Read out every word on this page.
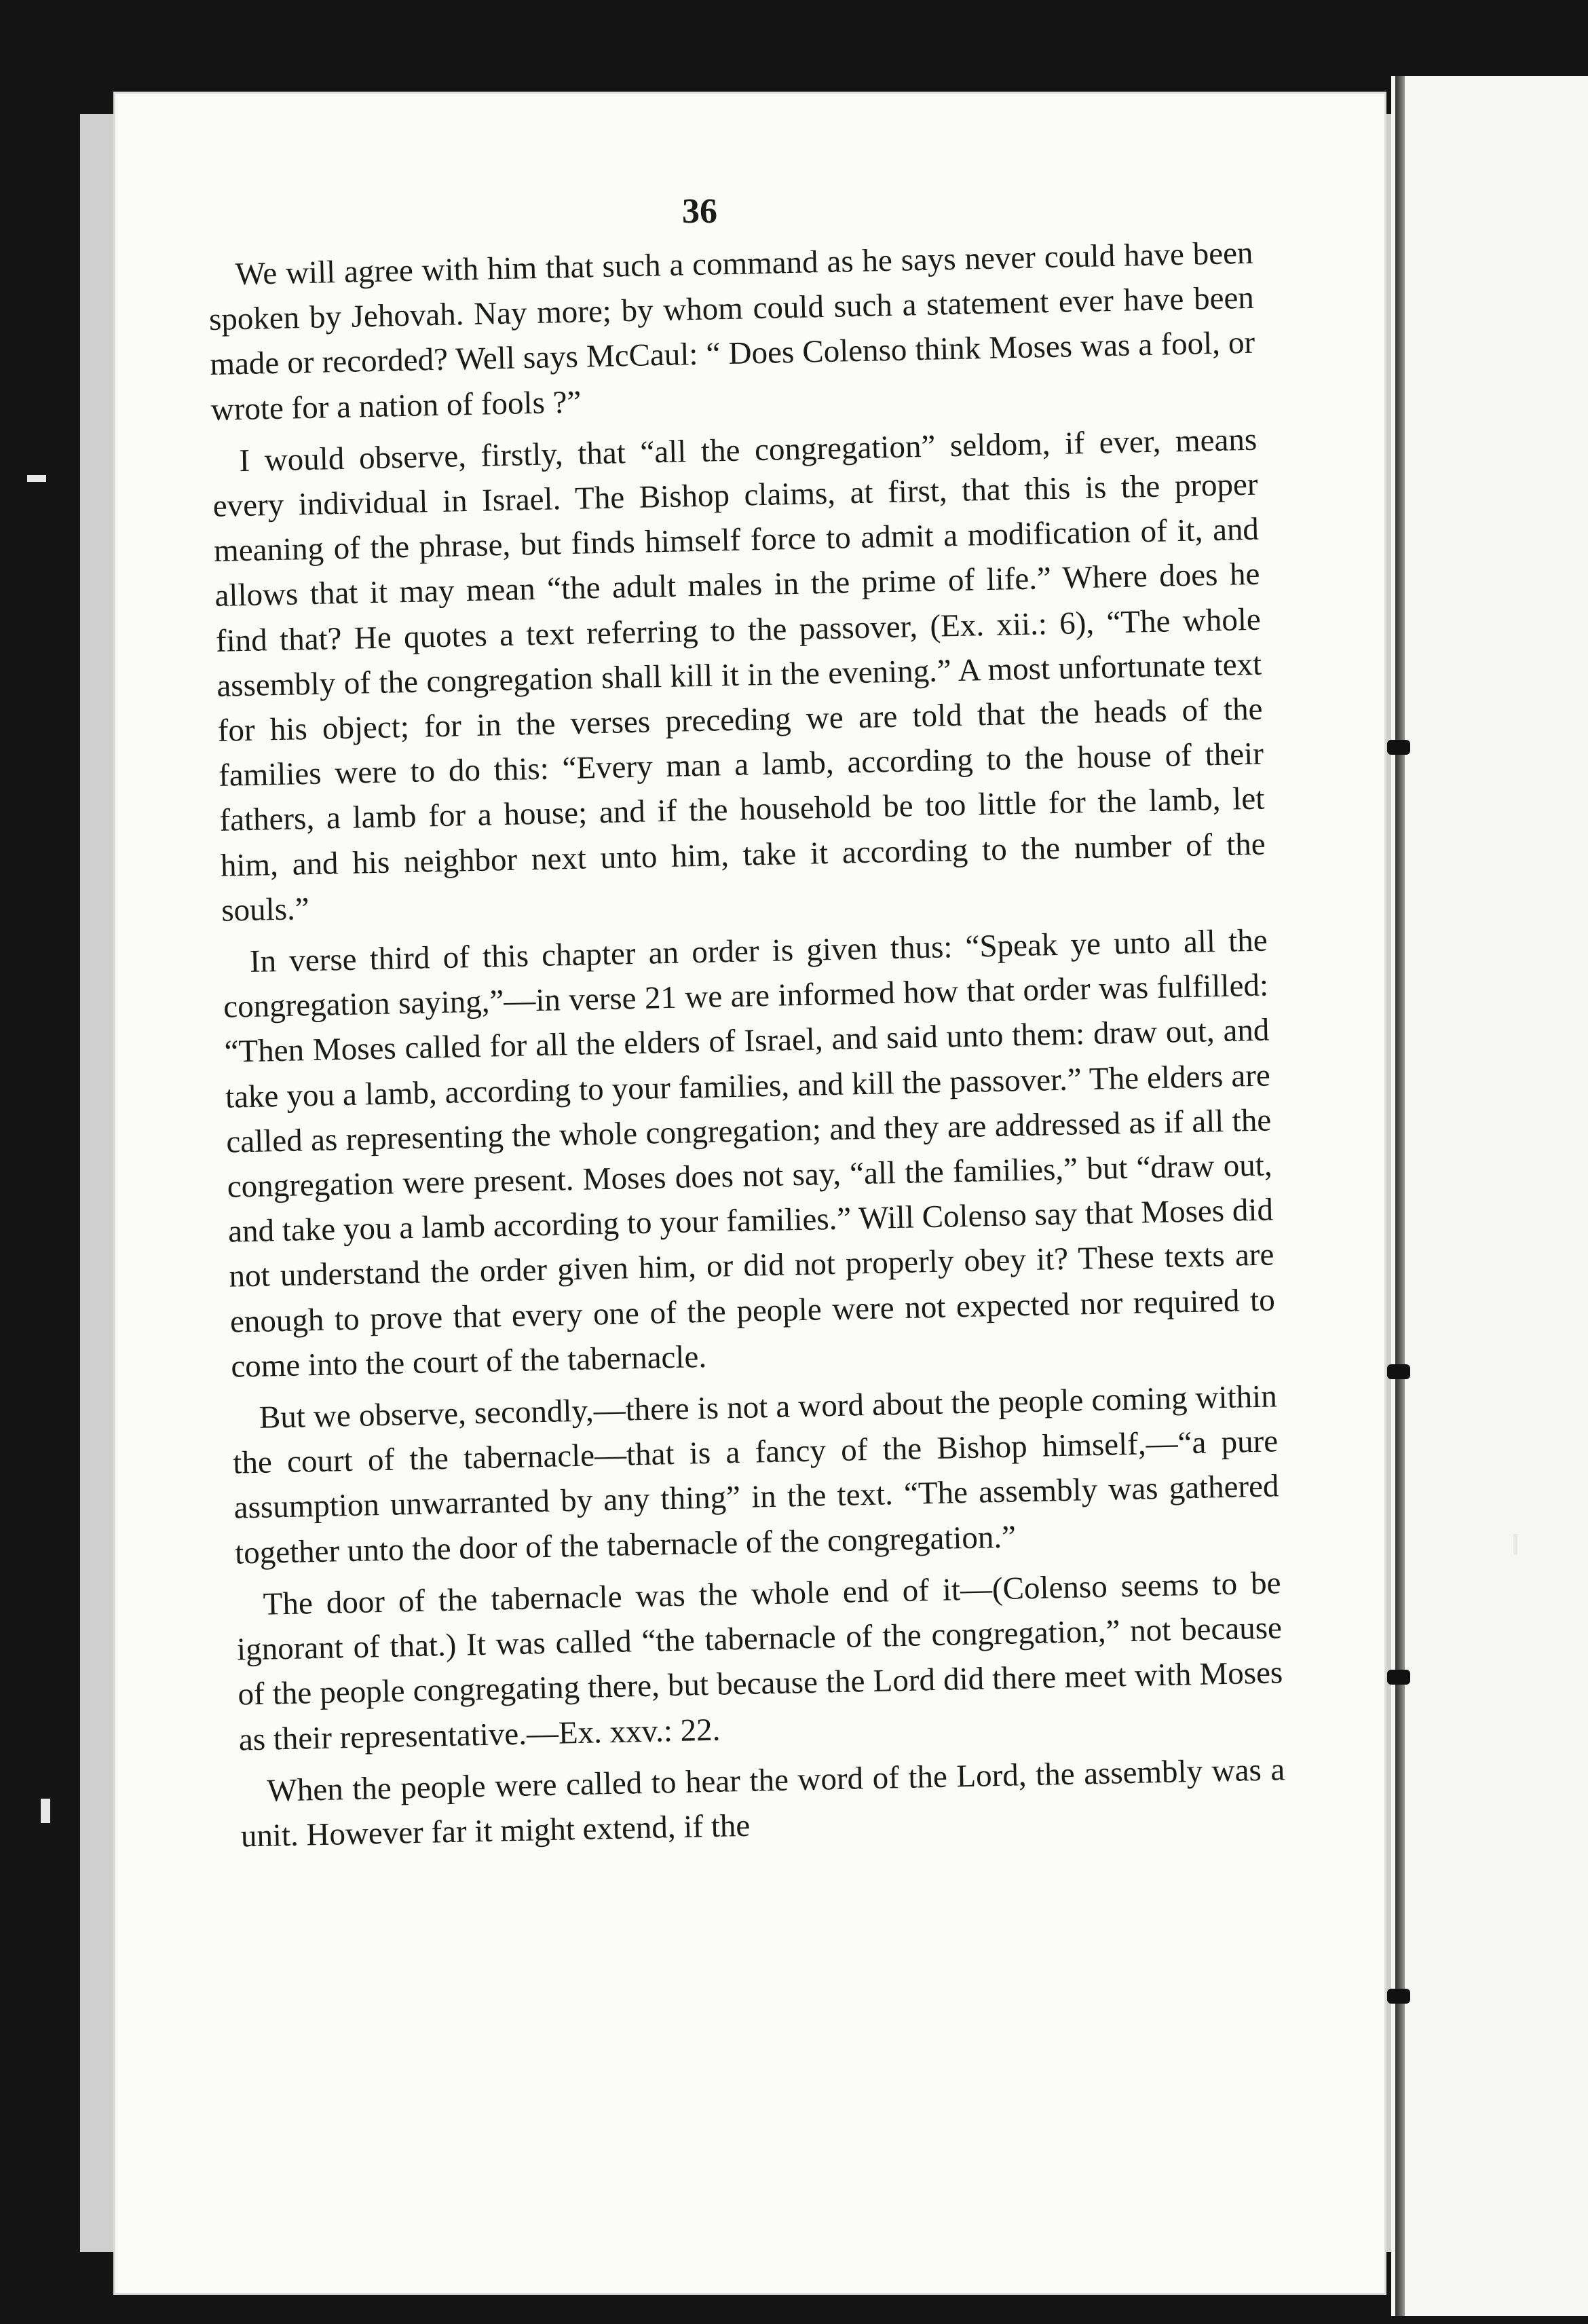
36

We will agree with him that such a command as he says never could have been spoken by Jehovah. Nay more; by whom could such a statement ever have been made or recorded? Well says McCaul: “ Does Colenso think Moses was a fool, or wrote for a nation of fools ?”

I would observe, firstly, that “all the congregation” seldom, if ever, means every individual in Israel. The Bishop claims, at first, that this is the proper meaning of the phrase, but finds himself force to admit a modification of it, and allows that it may mean “the adult males in the prime of life.” Where does he find that? He quotes a text referring to the passover, (Ex. xii.: 6), “The whole assembly of the congregation shall kill it in the evening.” A most unfortunate text for his object; for in the verses preceding we are told that the heads of the families were to do this: “Every man a lamb, according to the house of their fathers, a lamb for a house; and if the household be too little for the lamb, let him, and his neighbor next unto him, take it according to the number of the souls.”

In verse third of this chapter an order is given thus: “Speak ye unto all the congregation saying,”—in verse 21 we are informed how that order was fulfilled: “Then Moses called for all the elders of Israel, and said unto them: draw out, and take you a lamb, according to your families, and kill the passover.” The elders are called as representing the whole congregation; and they are addressed as if all the congregation were present. Moses does not say, “all the families,” but “draw out, and take you a lamb according to your families.” Will Colenso say that Moses did not understand the order given him, or did not properly obey it? These texts are enough to prove that every one of the people were not expected nor required to come into the court of the tabernacle.

But we observe, secondly,—there is not a word about the people coming within the court of the tabernacle—that is a fancy of the Bishop himself,—“a pure assumption unwarranted by any thing” in the text. “The assembly was gathered together unto the door of the tabernacle of the congregation.”

The door of the tabernacle was the whole end of it—(Colenso seems to be ignorant of that.) It was called “the tabernacle of the congregation,” not because of the people congregating there, but because the Lord did there meet with Moses as their representative.—Ex. xxv.: 22.

When the people were called to hear the word of the Lord, the assembly was a unit. However far it might extend, if the
